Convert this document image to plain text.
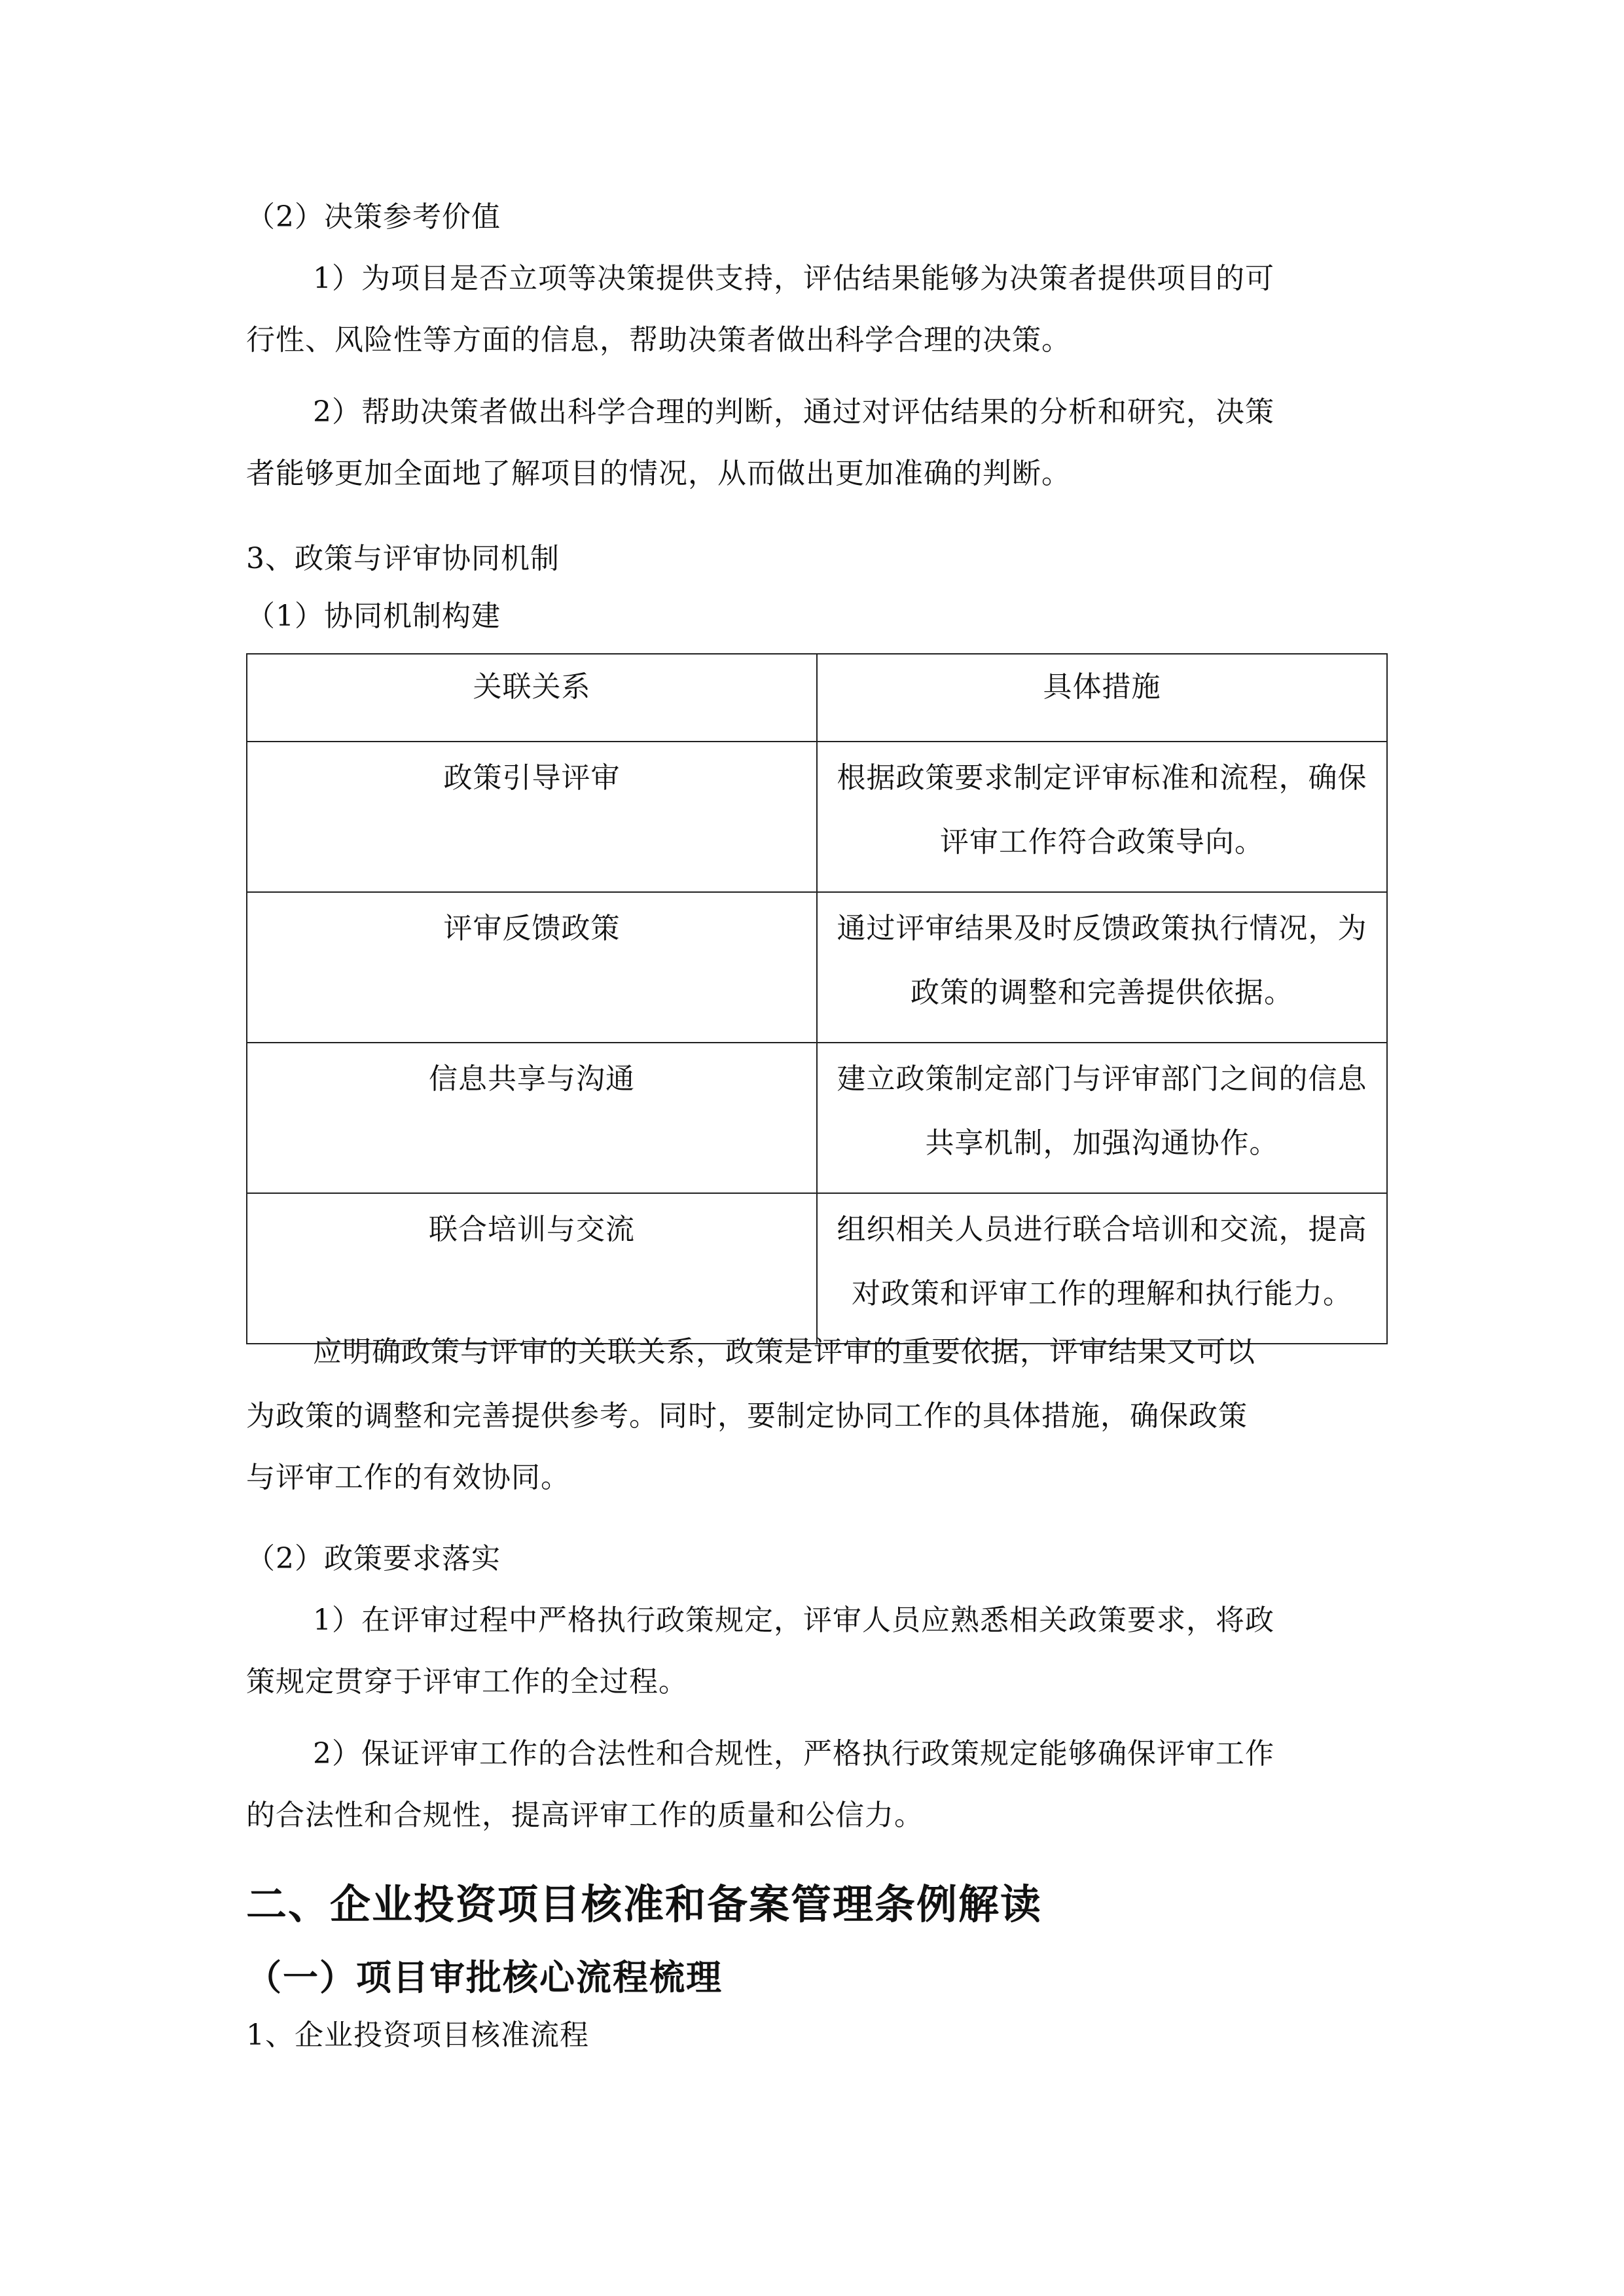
（2）决策参考价值

1）为项目是否立项等决策提供支持，评估结果能够为决策者提供项目的可

行性、风险性等方面的信息，帮助决策者做出科学合理的决策。

2）帮助决策者做出科学合理的判断，通过对评估结果的分析和研究，决策

者能够更加全面地了解项目的情况，从而做出更加准确的判断。

3、政策与评审协同机制

（1）协同机制构建

关联关系	具体措施

政策引导评审	根据政策要求制定评审标准和流程，确保评审工作符合政策导向。

评审反馈政策	通过评审结果及时反馈政策执行情况，为政策的调整和完善提供依据。

信息共享与沟通	建立政策制定部门与评审部门之间的信息共享机制，加强沟通协作。

联合培训与交流	组织相关人员进行联合培训和交流，提高对政策和评审工作的理解和执行能力。

应明确政策与评审的关联关系，政策是评审的重要依据，评审结果又可以

为政策的调整和完善提供参考。同时，要制定协同工作的具体措施，确保政策

与评审工作的有效协同。

（2）政策要求落实

1）在评审过程中严格执行政策规定，评审人员应熟悉相关政策要求，将政

策规定贯穿于评审工作的全过程。

2）保证评审工作的合法性和合规性，严格执行政策规定能够确保评审工作

的合法性和合规性，提高评审工作的质量和公信力。

二、企业投资项目核准和备案管理条例解读
（一）项目审批核心流程梳理

1、企业投资项目核准流程
